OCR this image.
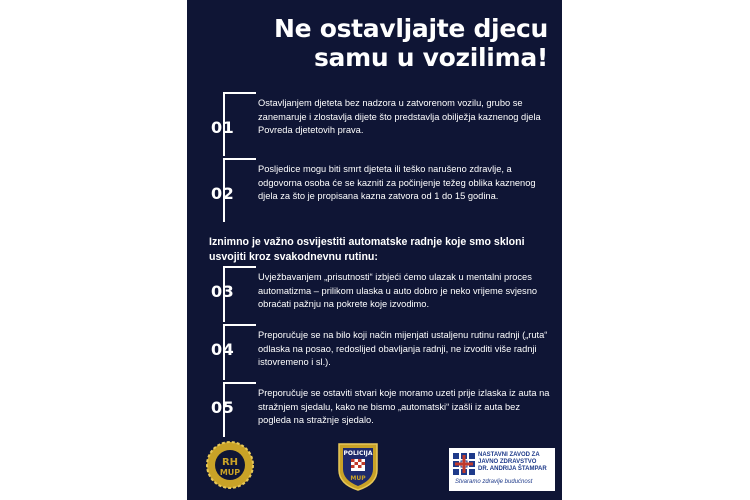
Ne ostavljajte djecu
samu u vozilima!
01
Ostavljanjem djeteta bez nadzora u zatvorenom vozilu, grubo se zanemaruje i zlostavlja dijete što predstavlja obilježja kaznenog djela Povreda djetetovih prava.
02
Posljedice mogu biti smrt djeteta ili teško narušeno zdravlje, a odgovorna osoba će se kazniti za počinjenje težeg oblika kaznenog djela za što je propisana kazna zatvora od 1 do 15 godina.
Iznimno je važno osvijestiti automatske radnje koje smo skloni usvojiti kroz svakodnevnu rutinu:
03
Uvježbavanjem „prisutnosti“ izbjeći ćemo ulazak u mentalni proces automatizma – prilikom ulaska u auto dobro je neko vrijeme svjesno obraćati pažnju na pokrete koje izvodimo.
04
Preporučuje se na bilo koji način mijenjati ustaljenu rutinu radnji („ruta“ odlaska na posao, redoslijed obavljanja radnji, ne izvoditi više radnji istovremeno i sl.).
05
Preporučuje se ostaviti stvari koje moramo uzeti prije izlaska iz auta na stražnjem sjedalu, kako ne bismo „automatski“ izašli iz auta bez pogleda na stražnje sjedalo.
RH
MUP
POLICIJA
MUP
NASTAVNI ZAVOD ZA
JAVNO ZDRAVSTVO
DR. ANDRIJA ŠTAMPAR
Stvaramo zdravlje budućnost
